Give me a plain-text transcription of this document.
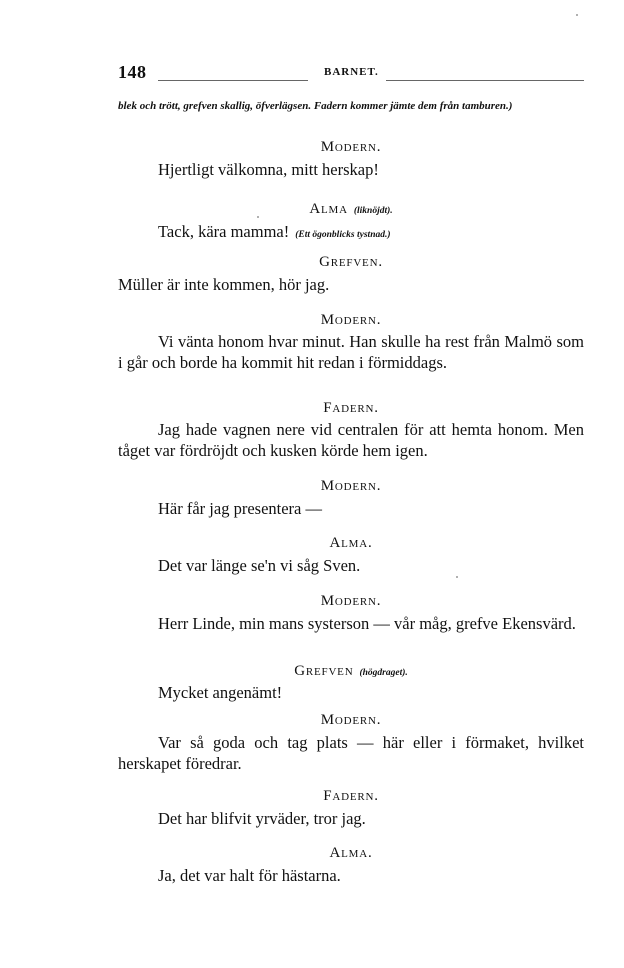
148	BARNET.

blek och trött, grefven skallig, öfverlägsen. Fadern kommer jämte dem från tamburen.)

Modern.

Hjertligt välkomna, mitt herskap!

Alma (liknöjdt).

Tack, kära mamma! (Ett ögonblicks tystnad.)

Grefven.

Müller är inte kommen, hör jag.

Modern.

Vi vänta honom hvar minut. Han skulle ha rest från Malmö som i går och borde ha kommit hit redan i förmiddags.

Fadern.

Jag hade vagnen nere vid centralen för att hemta honom. Men tåget var fördröjdt och kusken körde hem igen.

Modern.

Här får jag presentera —

Alma.

Det var länge se'n vi såg Sven.

Modern.

Herr Linde, min mans systerson — vår måg, grefve Ekensvärd.

Grefven (högdraget).

Mycket angenämt!

Modern.

Var så goda och tag plats — här eller i förmaket, hvilket herskapet föredrar.

Fadern.

Det har blifvit yrväder, tror jag.

Alma.

Ja, det var halt för hästarna.
